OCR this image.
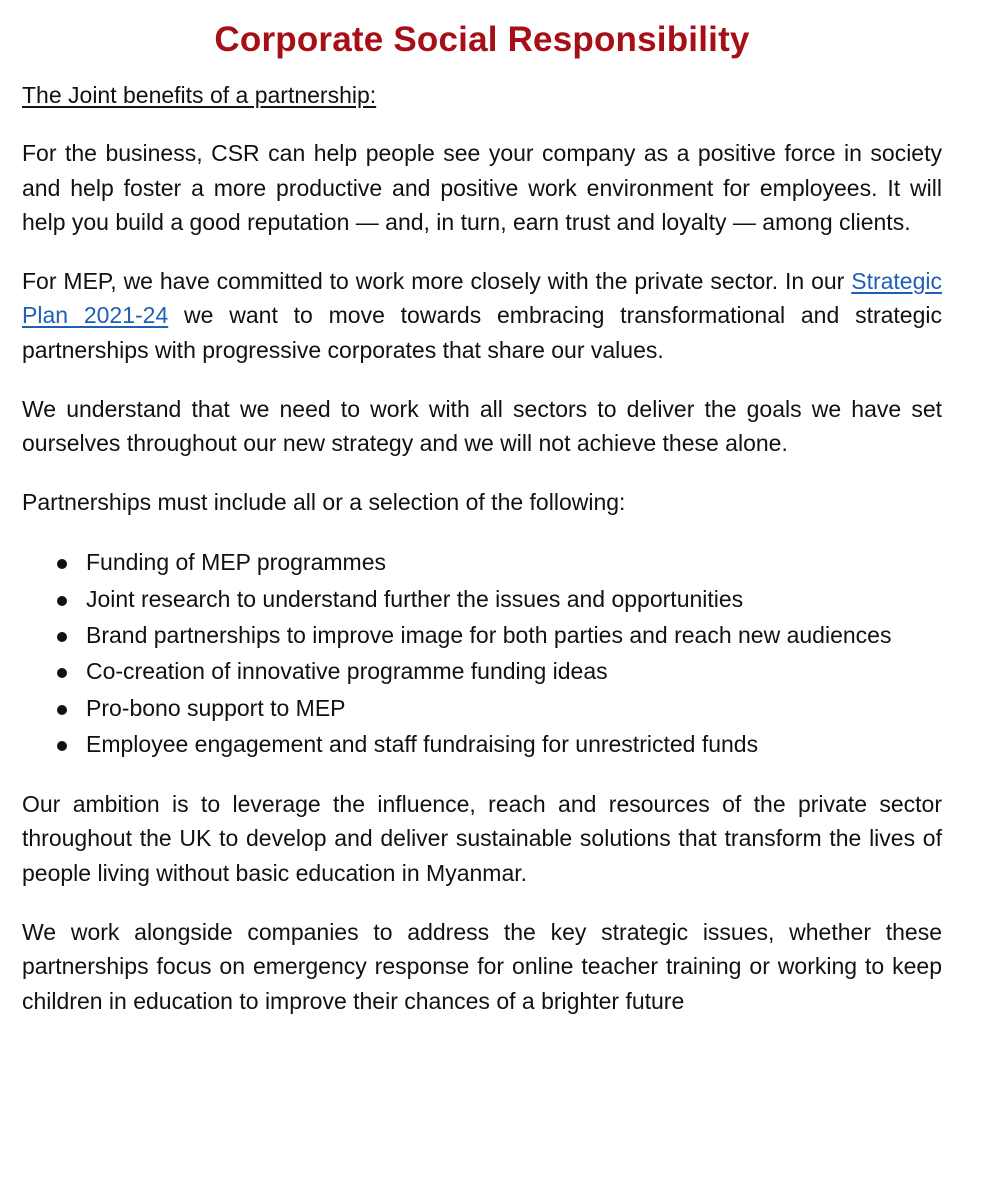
Corporate Social Responsibility

The Joint benefits of a partnership:

For the business, CSR can help people see your company as a positive force in society and help foster a more productive and positive work environment for employees. It will help you build a good reputation — and, in turn, earn trust and loyalty — among clients.

For MEP, we have committed to work more closely with the private sector. In our Strategic Plan 2021-24 we want to move towards embracing transformational and strategic partnerships with progressive corporates that share our values.

We understand that we need to work with all sectors to deliver the goals we have set ourselves throughout our new strategy and we will not achieve these alone.

Partnerships must include all or a selection of the following:

Funding of MEP programmes
Joint research to understand further the issues and opportunities
Brand partnerships to improve image for both parties and reach new audiences
Co-creation of innovative programme funding ideas
Pro-bono support to MEP
Employee engagement and staff fundraising for unrestricted funds

Our ambition is to leverage the influence, reach and resources of the private sector throughout the UK to develop and deliver sustainable solutions that transform the lives of people living without basic education in Myanmar.

We work alongside companies to address the key strategic issues, whether these partnerships focus on emergency response for online teacher training or working to keep children in education to improve their chances of a brighter future
